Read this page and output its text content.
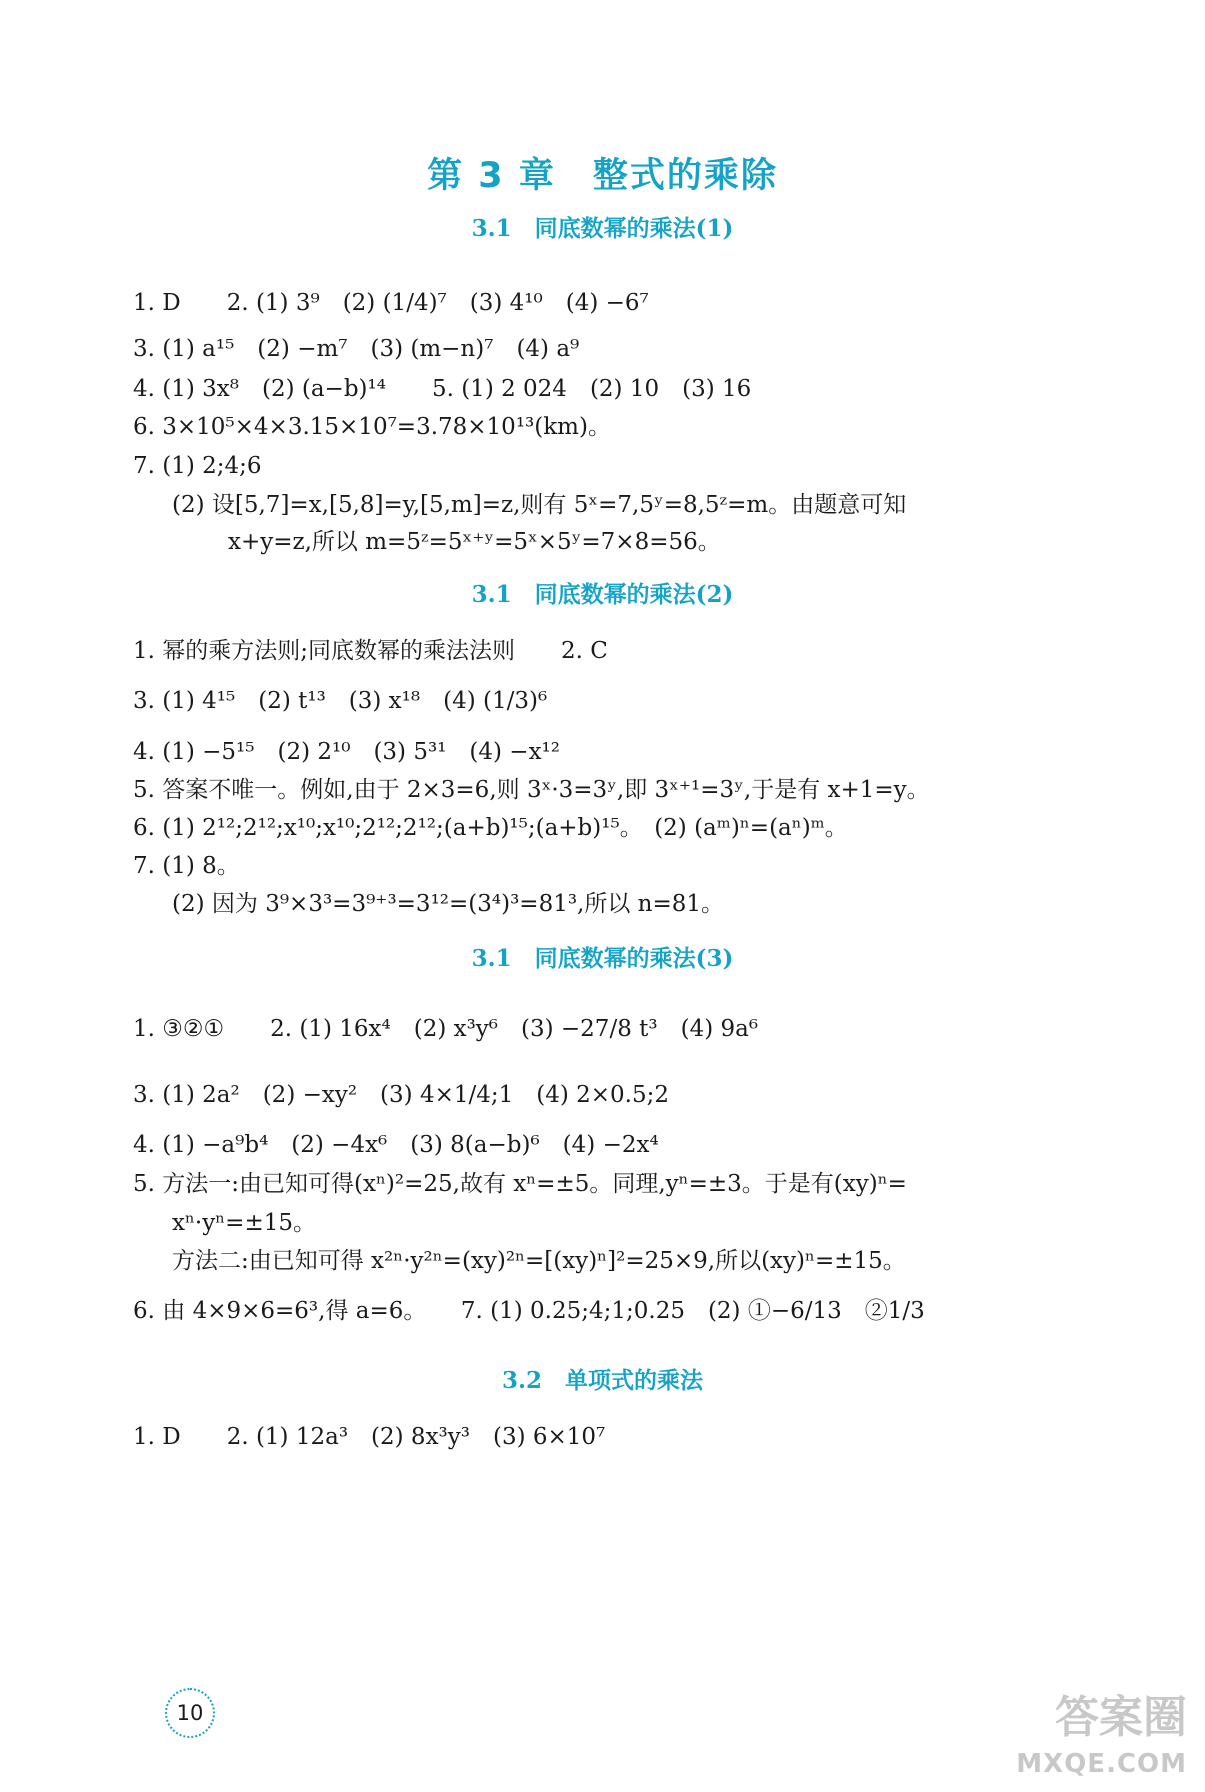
第 3 章　整式的乘除
3.1　同底数幂的乘法(1)
1. D　　2. (1) 3⁹　(2) (1/4)⁷　(3) 4¹⁰　(4) −6⁷
3. (1) a¹⁵　(2) −m⁷　(3) (m−n)⁷　(4) a⁹
4. (1) 3x⁸　(2) (a−b)¹⁴　　5. (1) 2 024　(2) 10　(3) 16
6. 3×10⁵×4×3.15×10⁷=3.78×10¹³(km)。
7. (1) 2;4;6
(2) 设[5,7]=x,[5,8]=y,[5,m]=z,则有 5ˣ=7,5ʸ=8,5ᶻ=m。由题意可知
x+y=z,所以 m=5ᶻ=5ˣ⁺ʸ=5ˣ×5ʸ=7×8=56。
3.1　同底数幂的乘法(2)
1. 幂的乘方法则;同底数幂的乘法法则　　2. C
3. (1) 4¹⁵　(2) t¹³　(3) x¹⁸　(4) (1/3)⁶
4. (1) −5¹⁵　(2) 2¹⁰　(3) 5³¹　(4) −x¹²
5. 答案不唯一。例如,由于 2×3=6,则 3ˣ·3=3ʸ,即 3ˣ⁺¹=3ʸ,于是有 x+1=y。
6. (1) 2¹²;2¹²;x¹⁰;x¹⁰;2¹²;2¹²;(a+b)¹⁵;(a+b)¹⁵。　(2) (aᵐ)ⁿ=(aⁿ)ᵐ。
7. (1) 8。
(2) 因为 3⁹×3³=3⁹⁺³=3¹²=(3⁴)³=81³,所以 n=81。
3.1　同底数幂的乘法(3)
1. ③②①　　2. (1) 16x⁴　(2) x³y⁶　(3) −27/8 t³　(4) 9a⁶
3. (1) 2a²　(2) −xy²　(3) 4×1/4;1　(4) 2×0.5;2
4. (1) −a⁹b⁴　(2) −4x⁶　(3) 8(a−b)⁶　(4) −2x⁴
5. 方法一:由已知可得(xⁿ)²=25,故有 xⁿ=±5。同理,yⁿ=±3。于是有(xy)ⁿ=
xⁿ·yⁿ=±15。
方法二:由已知可得 x²ⁿ·y²ⁿ=(xy)²ⁿ=[(xy)ⁿ]²=25×9,所以(xy)ⁿ=±15。
6. 由 4×9×6=6³,得 a=6。　　7. (1) 0.25;4;1;0.25　(2) ①−6/13　②1/3
3.2　单项式的乘法
1. D　　2. (1) 12a³　(2) 8x³y³　(3) 6×10⁷
10	答案圈
MXQE.COM
